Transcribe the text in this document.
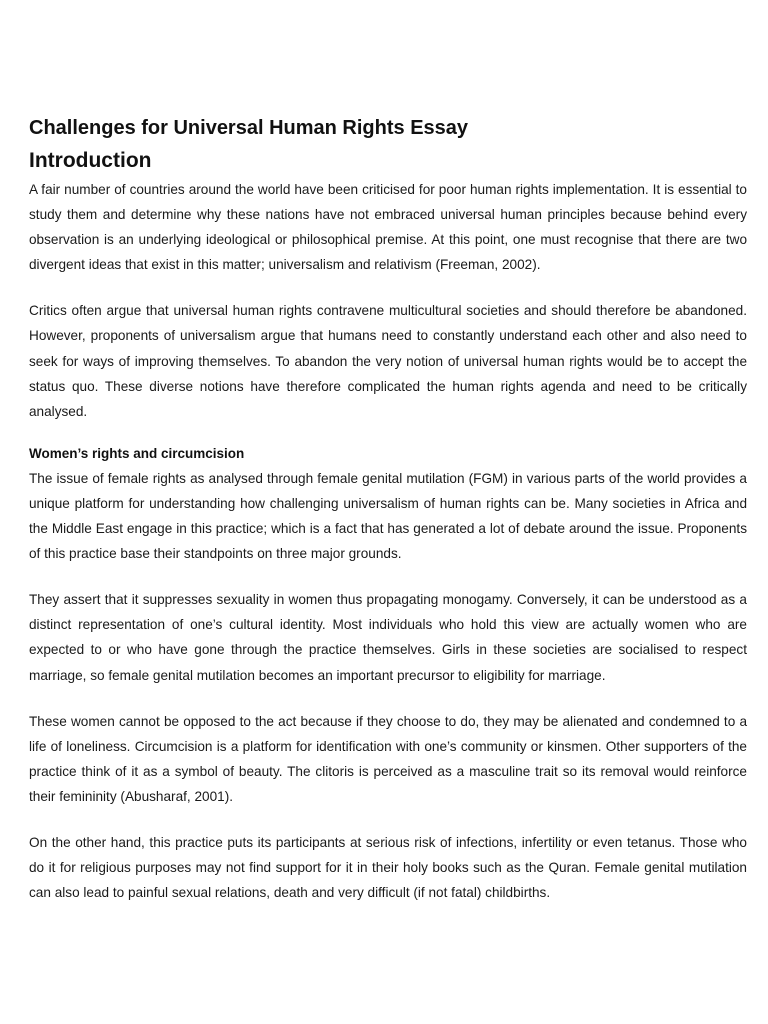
Challenges for Universal Human Rights Essay
Introduction

A fair number of countries around the world have been criticised for poor human rights implementation. It is essential to study them and determine why these nations have not embraced universal human principles because behind every observation is an underlying ideological or philosophical premise. At this point, one must recognise that there are two divergent ideas that exist in this matter; universalism and relativism (Freeman, 2002).

Critics often argue that universal human rights contravene multicultural societies and should therefore be abandoned. However, proponents of universalism argue that humans need to constantly understand each other and also need to seek for ways of improving themselves. To abandon the very notion of universal human rights would be to accept the status quo. These diverse notions have therefore complicated the human rights agenda and need to be critically analysed.

Women’s rights and circumcision

The issue of female rights as analysed through female genital mutilation (FGM) in various parts of the world provides a unique platform for understanding how challenging universalism of human rights can be. Many societies in Africa and the Middle East engage in this practice; which is a fact that has generated a lot of debate around the issue. Proponents of this practice base their standpoints on three major grounds.

They assert that it suppresses sexuality in women thus propagating monogamy. Conversely, it can be understood as a distinct representation of one’s cultural identity. Most individuals who hold this view are actually women who are expected to or who have gone through the practice themselves. Girls in these societies are socialised to respect marriage, so female genital mutilation becomes an important precursor to eligibility for marriage.

These women cannot be opposed to the act because if they choose to do, they may be alienated and condemned to a life of loneliness. Circumcision is a platform for identification with one’s community or kinsmen. Other supporters of the practice think of it as a symbol of beauty. The clitoris is perceived as a masculine trait so its removal would reinforce their femininity (Abusharaf, 2001).

On the other hand, this practice puts its participants at serious risk of infections, infertility or even tetanus. Those who do it for religious purposes may not find support for it in their holy books such as the Quran. Female genital mutilation can also lead to painful sexual relations, death and very difficult (if not fatal) childbirths.
